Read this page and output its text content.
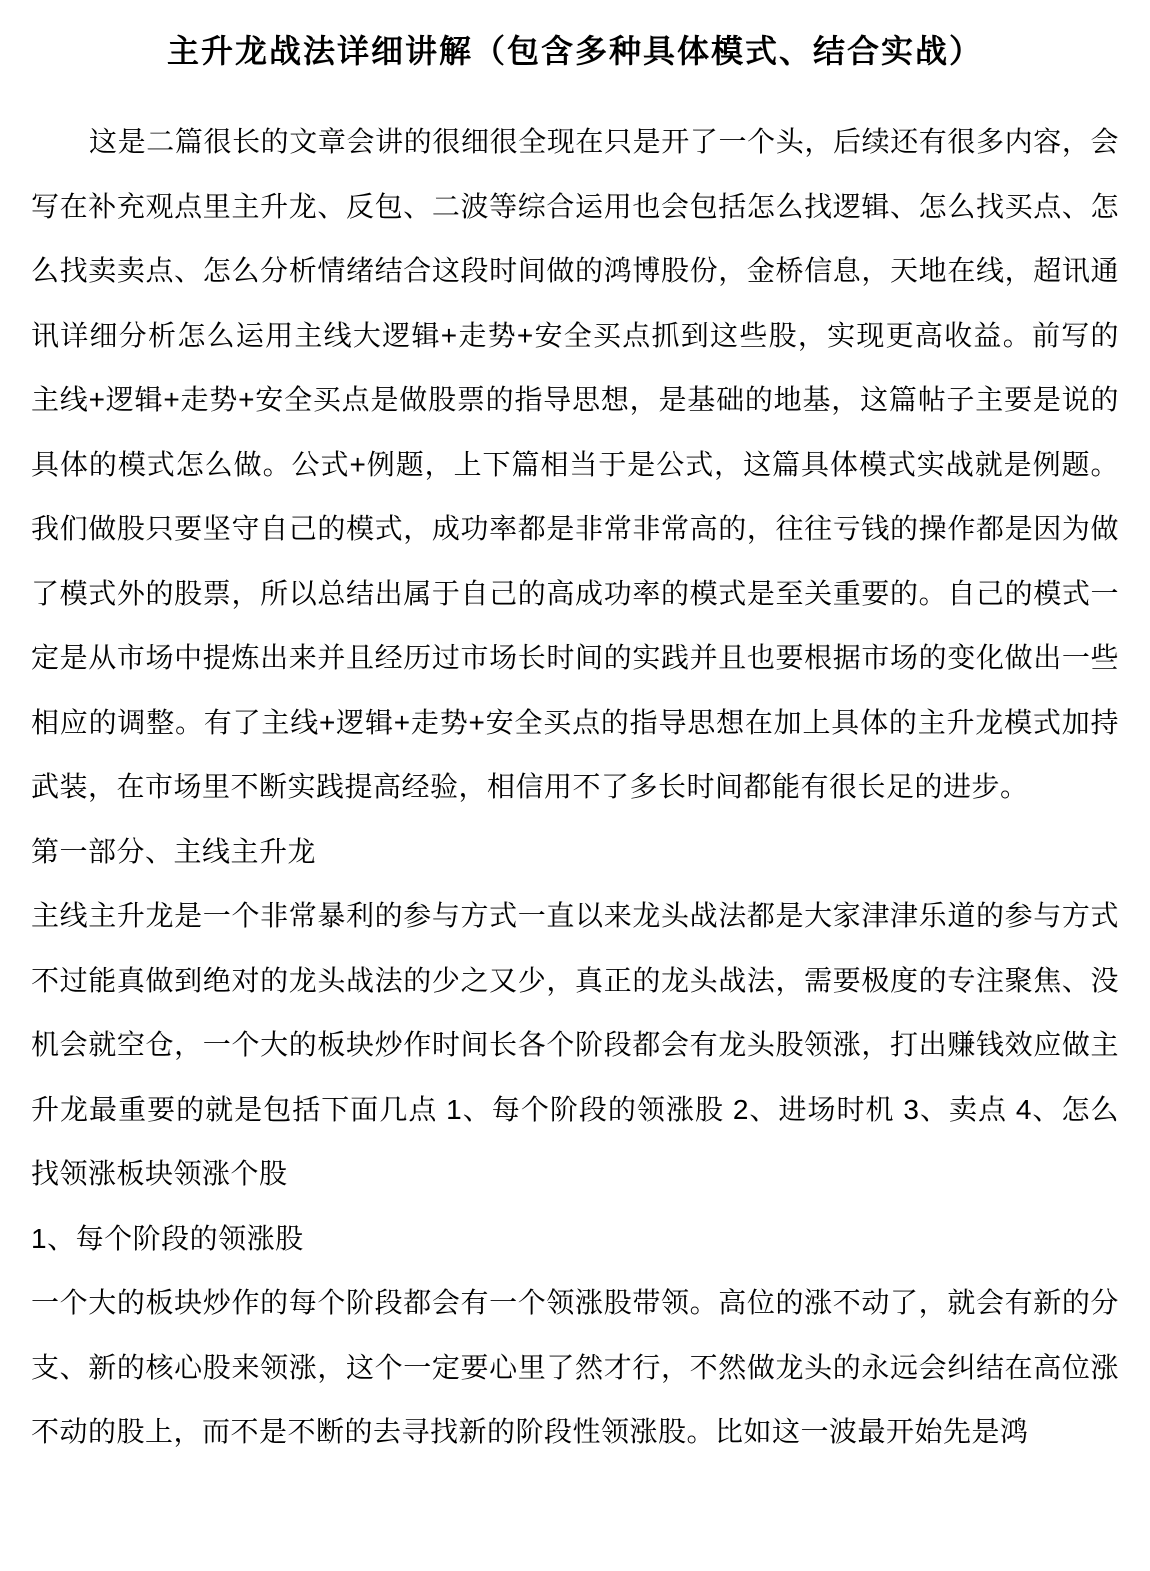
主升龙战法详细讲解（包含多种具体模式、结合实战）

这是二篇很长的文章会讲的很细很全现在只是开了一个头，后续还有很多内容，会写在补充观点里主升龙、反包、二波等综合运用也会包括怎么找逻辑、怎么找买点、怎么找卖卖点、怎么分析情绪结合这段时间做的鸿博股份，金桥信息，天地在线，超讯通讯详细分析怎么运用主线大逻辑+走势+安全买点抓到这些股，实现更高收益。前写的主线+逻辑+走势+安全买点是做股票的指导思想，是基础的地基，这篇帖子主要是说的具体的模式怎么做。公式+例题，上下篇相当于是公式，这篇具体模式实战就是例题。我们做股只要坚守自己的模式，成功率都是非常非常高的，往往亏钱的操作都是因为做了模式外的股票，所以总结出属于自己的高成功率的模式是至关重要的。自己的模式一定是从市场中提炼出来并且经历过市场长时间的实践并且也要根据市场的变化做出一些相应的调整。有了主线+逻辑+走势+安全买点的指导思想在加上具体的主升龙模式加持武装，在市场里不断实践提高经验，相信用不了多长时间都能有很长足的进步。

第一部分、主线主升龙

主线主升龙是一个非常暴利的参与方式一直以来龙头战法都是大家津津乐道的参与方式不过能真做到绝对的龙头战法的少之又少，真正的龙头战法，需要极度的专注聚焦、没机会就空仓，一个大的板块炒作时间长各个阶段都会有龙头股领涨，打出赚钱效应做主升龙最重要的就是包括下面几点 1、每个阶段的领涨股 2、进场时机 3、卖点 4、怎么找领涨板块领涨个股

1、每个阶段的领涨股

一个大的板块炒作的每个阶段都会有一个领涨股带领。高位的涨不动了，就会有新的分支、新的核心股来领涨，这个一定要心里了然才行，不然做龙头的永远会纠结在高位涨不动的股上，而不是不断的去寻找新的阶段性领涨股。比如这一波最开始先是鸿
